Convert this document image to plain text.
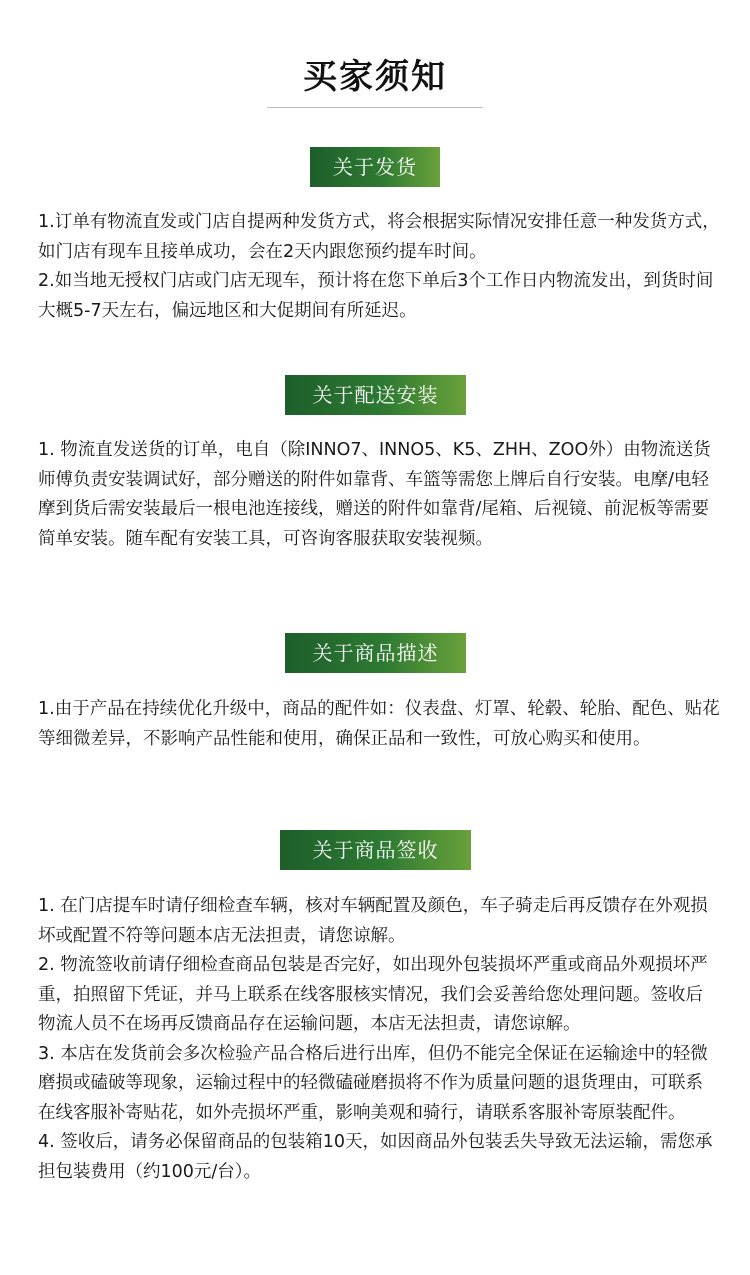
买家须知
关于发货

1.订单有物流直发或门店自提两种发货方式，将会根据实际情况安排任意一种发货方式，如门店有现车且接单成功，会在2天内跟您预约提车时间。

2.如当地无授权门店或门店无现车，预计将在您下单后3个工作日内物流发出，到货时间大概5-7天左右，偏远地区和大促期间有所延迟。

关于配送安装

1. 物流直发送货的订单，电自（除INNO7、INNO5、K5、ZHH、ZOO外）由物流送货师傅负责安装调试好，部分赠送的附件如靠背、车篮等需您上牌后自行安装。电摩/电轻摩到货后需安装最后一根电池连接线，赠送的附件如靠背/尾箱、后视镜、前泥板等需要简单安装。随车配有安装工具，可咨询客服获取安装视频。

关于商品描述

1.由于产品在持续优化升级中，商品的配件如：仪表盘、灯罩、轮毂、轮胎、配色、贴花等细微差异，不影响产品性能和使用，确保正品和一致性，可放心购买和使用。

关于商品签收

1. 在门店提车时请仔细检查车辆，核对车辆配置及颜色，车子骑走后再反馈存在外观损坏或配置不符等问题本店无法担责，请您谅解。

2. 物流签收前请仔细检查商品包装是否完好，如出现外包装损坏严重或商品外观损坏严重，拍照留下凭证，并马上联系在线客服核实情况，我们会妥善给您处理问题。签收后物流人员不在场再反馈商品存在运输问题，本店无法担责，请您谅解。

3. 本店在发货前会多次检验产品合格后进行出库，但仍不能完全保证在运输途中的轻微磨损或磕破等现象，运输过程中的轻微磕碰磨损将不作为质量问题的退货理由，可联系在线客服补寄贴花，如外壳损坏严重，影响美观和骑行，请联系客服补寄原装配件。

4. 签收后，请务必保留商品的包装箱10天，如因商品外包装丢失导致无法运输，需您承担包装费用（约100元/台）。
